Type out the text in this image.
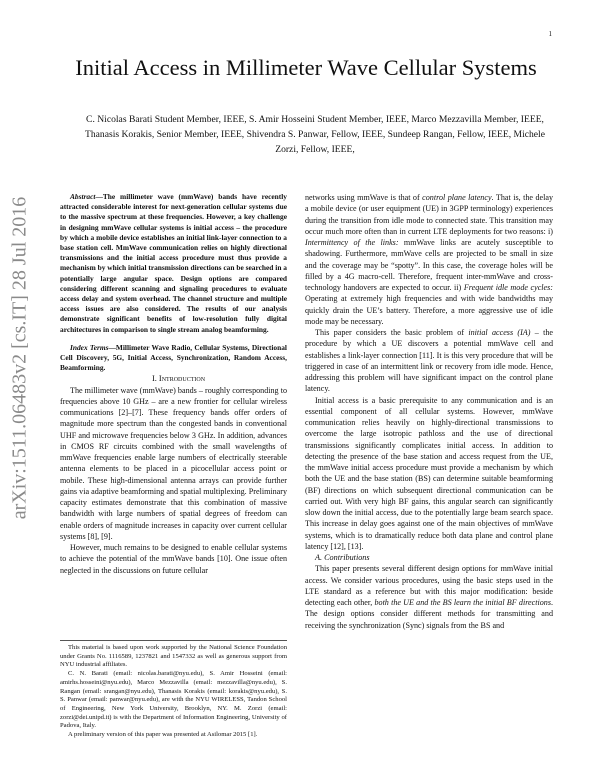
1
arXiv:1511.06483v2 [cs.IT] 28 Jul 2016
Initial Access in Millimeter Wave Cellular Systems

C. Nicolas Barati Student Member, IEEE, S. Amir Hosseini Student Member, IEEE, Marco Mezzavilla Member, IEEE, Thanasis Korakis, Senior Member, IEEE, Shivendra S. Panwar, Fellow, IEEE, Sundeep Rangan, Fellow, IEEE, Michele Zorzi, Fellow, IEEE,

Abstract—The millimeter wave (mmWave) bands have recently attracted considerable interest for next-generation cellular systems due to the massive spectrum at these frequencies. However, a key challenge in designing mmWave cellular systems is initial access – the procedure by which a mobile device establishes an initial link-layer connection to a base station cell. MmWave communication relies on highly directional transmissions and the initial access procedure must thus provide a mechanism by which initial transmission directions can be searched in a potentially large angular space. Design options are compared considering different scanning and signaling procedures to evaluate access delay and system overhead. The channel structure and multiple access issues are also considered. The results of our analysis demonstrate significant benefits of low-resolution fully digital architectures in comparison to single stream analog beamforming.

Index Terms—Millimeter Wave Radio, Cellular Systems, Directional Cell Discovery, 5G, Initial Access, Synchronization, Random Access, Beamforming.

I. Introduction

The millimeter wave (mmWave) bands – roughly corresponding to frequencies above 10 GHz – are a new frontier for cellular wireless communications [2]–[7]. These frequency bands offer orders of magnitude more spectrum than the congested bands in conventional UHF and microwave frequencies below 3 GHz. In addition, advances in CMOS RF circuits combined with the small wavelengths of mmWave frequencies enable large numbers of electrically steerable antenna elements to be placed in a picocellular access point or mobile. These high-dimensional antenna arrays can provide further gains via adaptive beamforming and spatial multiplexing. Preliminary capacity estimates demonstrate that this combination of massive bandwidth with large numbers of spatial degrees of freedom can enable orders of magnitude increases in capacity over current cellular systems [8], [9].

However, much remains to be designed to enable cellular systems to achieve the potential of the mmWave bands [10]. One issue often neglected in the discussions on future cellular

This material is based upon work supported by the National Science Foundation under Grants No. 1116589, 1237821 and 1547332 as well as generous support from NYU industrial affiliates.

C. N. Barati (email: nicolas.barati@nyu.edu), S. Amir Hosseini (email: amirhs.hosseini@nyu.edu), Marco Mezzavilla (email: mezzavilla@nyu.edu), S. Rangan (email: srangan@nyu.edu), Thanasis Korakis (email: korakis@nyu.edu), S. S. Panwar (email: panwar@nyu.edu), are with the NYU WIRELESS, Tandon School of Engineering, New York University, Brooklyn, NY. M. Zorzi (email: zorzi@dei.unipd.it) is with the Department of Information Engineering, University of Padova, Italy.

A preliminary version of this paper was presented at Asilomar 2015 [1].

networks using mmWave is that of control plane latency. That is, the delay a mobile device (or user equipment (UE) in 3GPP terminology) experiences during the transition from idle mode to connected state. This transition may occur much more often than in current LTE deployments for two reasons: i) Intermittency of the links: mmWave links are acutely susceptible to shadowing. Furthermore, mmWave cells are projected to be small in size and the coverage may be “spotty”. In this case, the coverage holes will be filled by a 4G macro-cell. Therefore, frequent inter-mmWave and cross-technology handovers are expected to occur. ii) Frequent idle mode cycles: Operating at extremely high frequencies and with wide bandwidths may quickly drain the UE’s battery. Therefore, a more aggressive use of idle mode may be necessary.

This paper considers the basic problem of initial access (IA) – the procedure by which a UE discovers a potential mmWave cell and establishes a link-layer connection [11]. It is this very procedure that will be triggered in case of an intermittent link or recovery from idle mode. Hence, addressing this problem will have significant impact on the control plane latency.

Initial access is a basic prerequisite to any communication and is an essential component of all cellular systems. However, mmWave communication relies heavily on highly-directional transmissions to overcome the large isotropic pathloss and the use of directional transmissions significantly complicates initial access. In addition to detecting the presence of the base station and access request from the UE, the mmWave initial access procedure must provide a mechanism by which both the UE and the base station (BS) can determine suitable beamforming (BF) directions on which subsequent directional communication can be carried out. With very high BF gains, this angular search can significantly slow down the initial access, due to the potentially large beam search space. This increase in delay goes against one of the main objectives of mmWave systems, which is to dramatically reduce both data plane and control plane latency [12], [13].

A. Contributions

This paper presents several different design options for mmWave initial access. We consider various procedures, using the basic steps used in the LTE standard as a reference but with this major modification: beside detecting each other, both the UE and the BS learn the initial BF directions. The design options consider different methods for transmitting and receiving the synchronization (Sync) signals from the BS and
